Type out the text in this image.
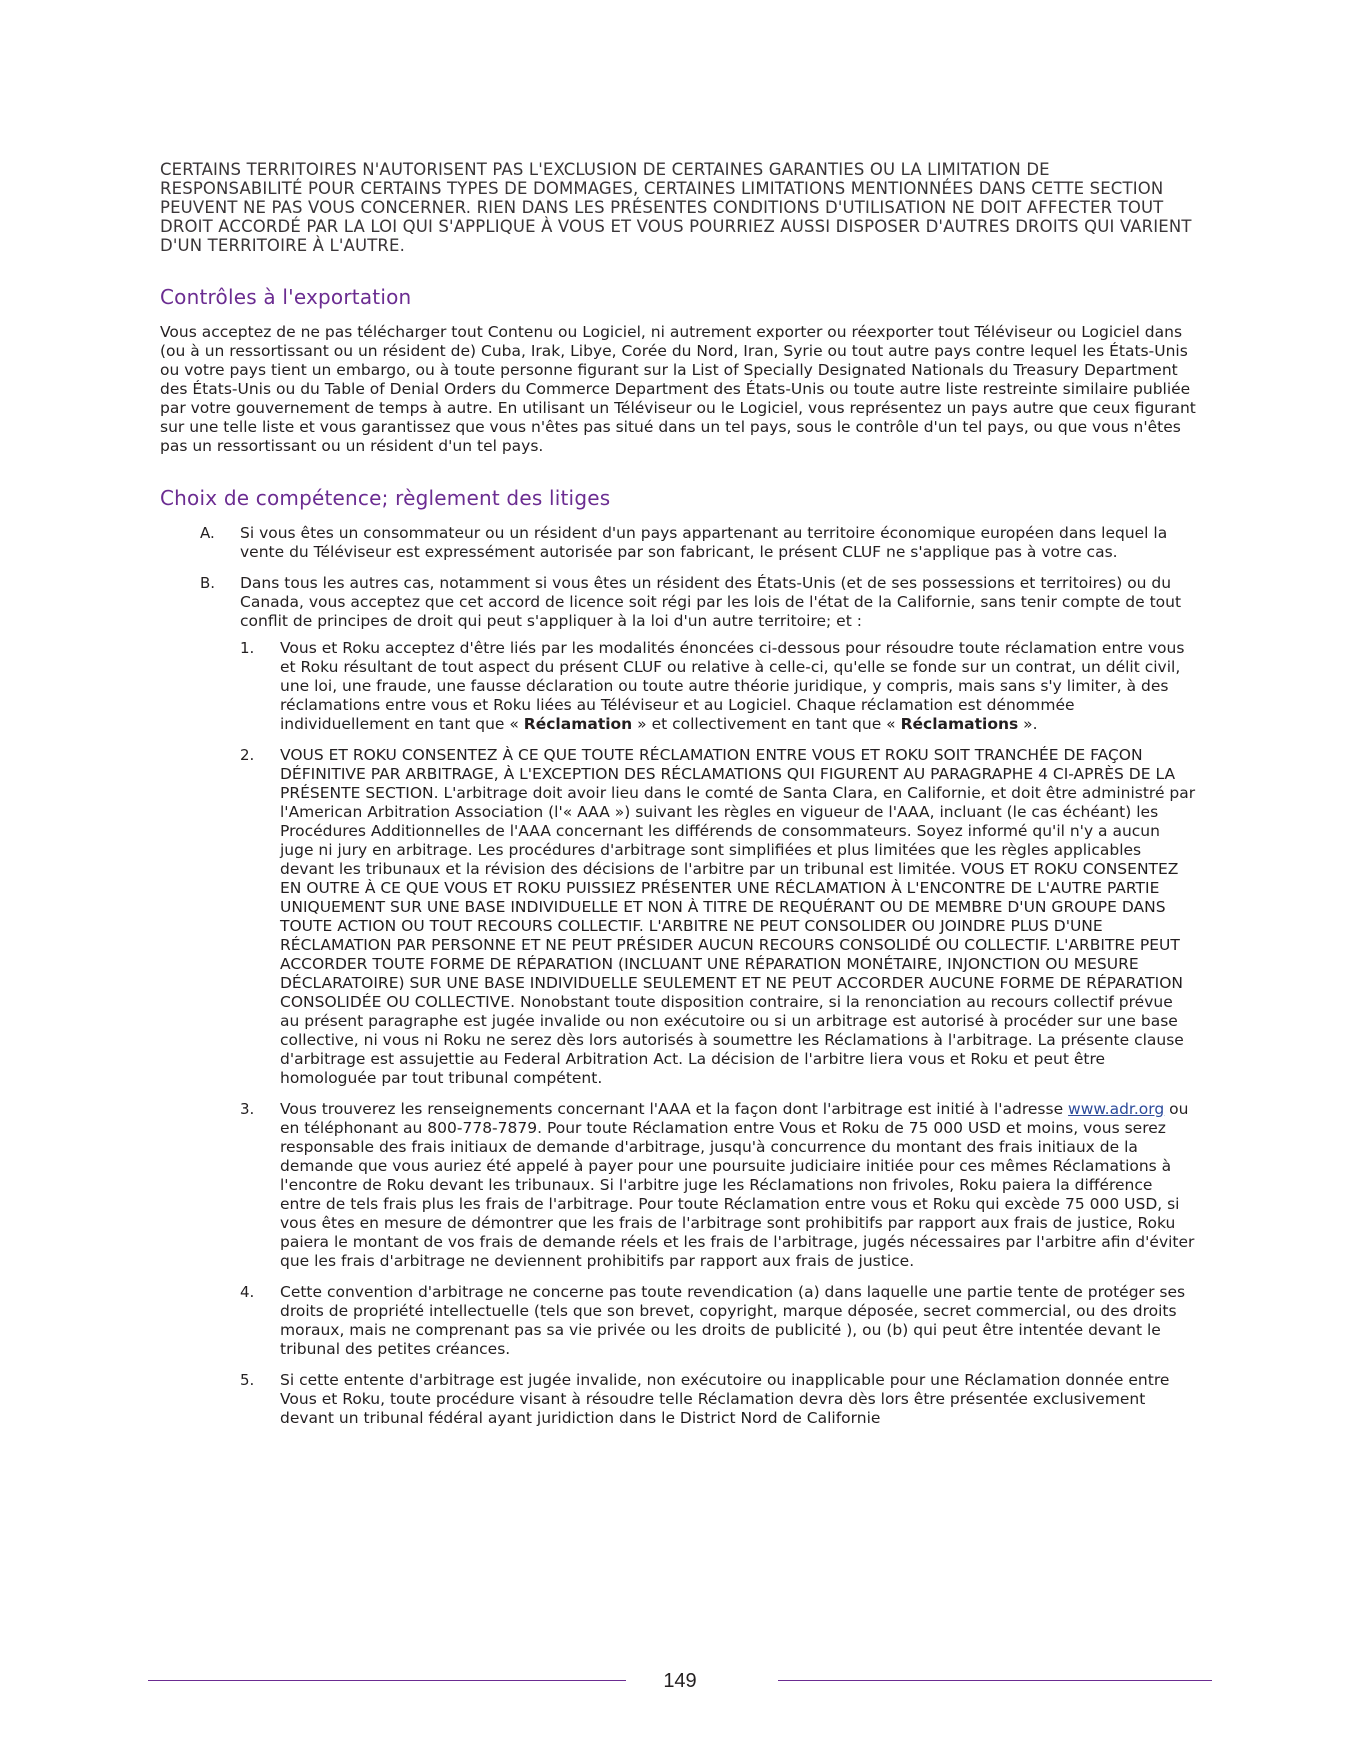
CERTAINS TERRITOIRES N'AUTORISENT PAS L'EXCLUSION DE CERTAINES GARANTIES OU LA LIMITATION DE RESPONSABILITÉ POUR CERTAINS TYPES DE DOMMAGES, CERTAINES LIMITATIONS MENTIONNÉES DANS CETTE SECTION PEUVENT NE PAS VOUS CONCERNER. RIEN DANS LES PRÉSENTES CONDITIONS D'UTILISATION NE DOIT AFFECTER TOUT DROIT ACCORDÉ PAR LA LOI QUI S'APPLIQUE À VOUS ET VOUS POURRIEZ AUSSI DISPOSER D'AUTRES DROITS QUI VARIENT D'UN TERRITOIRE À L'AUTRE.

Contrôles à l'exportation

Vous acceptez de ne pas télécharger tout Contenu ou Logiciel, ni autrement exporter ou réexporter tout Téléviseur ou Logiciel dans (ou à un ressortissant ou un résident de) Cuba, Irak, Libye, Corée du Nord, Iran, Syrie ou tout autre pays contre lequel les États-Unis ou votre pays tient un embargo, ou à toute personne figurant sur la List of Specially Designated Nationals du Treasury Department des États-Unis ou du Table of Denial Orders du Commerce Department des États-Unis ou toute autre liste restreinte similaire publiée par votre gouvernement de temps à autre. En utilisant un Téléviseur ou le Logiciel, vous représentez un pays autre que ceux figurant sur une telle liste et vous garantissez que vous n'êtes pas situé dans un tel pays, sous le contrôle d'un tel pays, ou que vous n'êtes pas un ressortissant ou un résident d'un tel pays.

Choix de compétence; règlement des litiges
A. Si vous êtes un consommateur ou un résident d'un pays appartenant au territoire économique européen dans lequel la vente du Téléviseur est expressément autorisée par son fabricant, le présent CLUF ne s'applique pas à votre cas.
B. Dans tous les autres cas, notamment si vous êtes un résident des États-Unis (et de ses possessions et territoires) ou du Canada, vous acceptez que cet accord de licence soit régi par les lois de l'état de la Californie, sans tenir compte de tout conflit de principes de droit qui peut s'appliquer à la loi d'un autre territoire; et :
1. Vous et Roku acceptez d'être liés par les modalités énoncées ci-dessous pour résoudre toute réclamation entre vous et Roku résultant de tout aspect du présent CLUF ou relative à celle-ci, qu'elle se fonde sur un contrat, un délit civil, une loi, une fraude, une fausse déclaration ou toute autre théorie juridique, y compris, mais sans s'y limiter, à des réclamations entre vous et Roku liées au Téléviseur et au Logiciel. Chaque réclamation est dénommée individuellement en tant que « Réclamation » et collectivement en tant que « Réclamations ».
2. VOUS ET ROKU CONSENTEZ À CE QUE TOUTE RÉCLAMATION ENTRE VOUS ET ROKU SOIT TRANCHÉE DE FAÇON DÉFINITIVE PAR ARBITRAGE, À L'EXCEPTION DES RÉCLAMATIONS QUI FIGURENT AU PARAGRAPHE 4 CI-APRÈS DE LA PRÉSENTE SECTION. L'arbitrage doit avoir lieu dans le comté de Santa Clara, en Californie, et doit être administré par l'American Arbitration Association (l'« AAA ») suivant les règles en vigueur de l'AAA, incluant (le cas échéant) les Procédures Additionnelles de l'AAA concernant les différends de consommateurs. Soyez informé qu'il n'y a aucun juge ni jury en arbitrage. Les procédures d'arbitrage sont simplifiées et plus limitées que les règles applicables devant les tribunaux et la révision des décisions de l'arbitre par un tribunal est limitée. VOUS ET ROKU CONSENTEZ EN OUTRE À CE QUE VOUS ET ROKU PUISSIEZ PRÉSENTER UNE RÉCLAMATION À L'ENCONTRE DE L'AUTRE PARTIE UNIQUEMENT SUR UNE BASE INDIVIDUELLE ET NON À TITRE DE REQUÉRANT OU DE MEMBRE D'UN GROUPE DANS TOUTE ACTION OU TOUT RECOURS COLLECTIF. L'ARBITRE NE PEUT CONSOLIDER OU JOINDRE PLUS D'UNE RÉCLAMATION PAR PERSONNE ET NE PEUT PRÉSIDER AUCUN RECOURS CONSOLIDÉ OU COLLECTIF. L'ARBITRE PEUT ACCORDER TOUTE FORME DE RÉPARATION (INCLUANT UNE RÉPARATION MONÉTAIRE, INJONCTION OU MESURE DÉCLARATOIRE) SUR UNE BASE INDIVIDUELLE SEULEMENT ET NE PEUT ACCORDER AUCUNE FORME DE RÉPARATION CONSOLIDÉE OU COLLECTIVE. Nonobstant toute disposition contraire, si la renonciation au recours collectif prévue au présent paragraphe est jugée invalide ou non exécutoire ou si un arbitrage est autorisé à procéder sur une base collective, ni vous ni Roku ne serez dès lors autorisés à soumettre les Réclamations à l'arbitrage. La présente clause d'arbitrage est assujettie au Federal Arbitration Act. La décision de l'arbitre liera vous et Roku et peut être homologuée par tout tribunal compétent.
3. Vous trouverez les renseignements concernant l'AAA et la façon dont l'arbitrage est initié à l'adresse www.adr.org ou en téléphonant au 800-778-7879. Pour toute Réclamation entre Vous et Roku de 75 000 USD et moins, vous serez responsable des frais initiaux de demande d'arbitrage, jusqu'à concurrence du montant des frais initiaux de la demande que vous auriez été appelé à payer pour une poursuite judiciaire initiée pour ces mêmes Réclamations à l'encontre de Roku devant les tribunaux. Si l'arbitre juge les Réclamations non frivoles, Roku paiera la différence entre de tels frais plus les frais de l'arbitrage. Pour toute Réclamation entre vous et Roku qui excède 75 000 USD, si vous êtes en mesure de démontrer que les frais de l'arbitrage sont prohibitifs par rapport aux frais de justice, Roku paiera le montant de vos frais de demande réels et les frais de l'arbitrage, jugés nécessaires par l'arbitre afin d'éviter que les frais d'arbitrage ne deviennent prohibitifs par rapport aux frais de justice.
4. Cette convention d'arbitrage ne concerne pas toute revendication (a) dans laquelle une partie tente de protéger ses droits de propriété intellectuelle (tels que son brevet, copyright, marque déposée, secret commercial, ou des droits moraux, mais ne comprenant pas sa vie privée ou les droits de publicité ), ou (b) qui peut être intentée devant le tribunal des petites créances.
5. Si cette entente d'arbitrage est jugée invalide, non exécutoire ou inapplicable pour une Réclamation donnée entre Vous et Roku, toute procédure visant à résoudre telle Réclamation devra dès lors être présentée exclusivement devant un tribunal fédéral ayant juridiction dans le District Nord de Californie
149
